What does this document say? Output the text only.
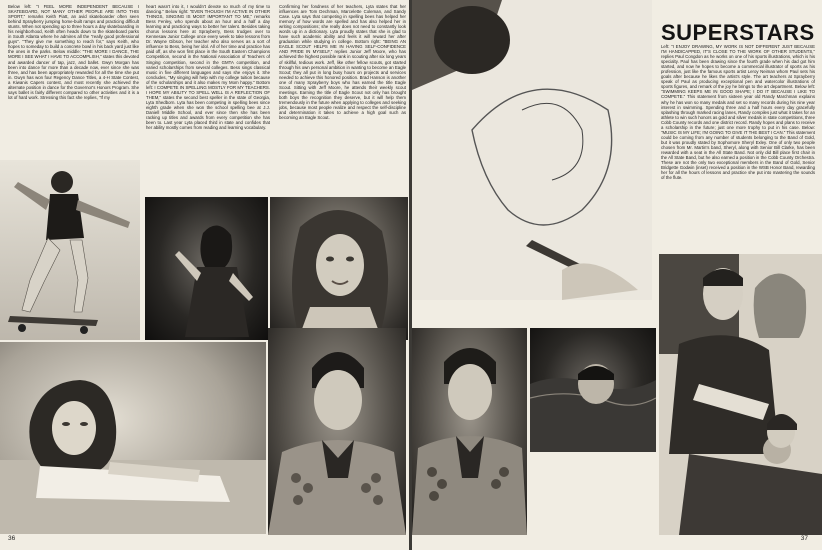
Below left: "I FEEL MORE INDEPENDENT BECAUSE I SKATEBOARD, NOT MANY OTHER PEOPLE ARE INTO THIS SPORT," remarks Keith Piatt, an avid skateboarder often seen behind Sprayberry jumping home-built ramps and practicing difficult stunts. When not spending up to three hours a day skateboarding in his neighborhood, Keith often heads down to the skateboard parks in South Atlanta where he admires all the "really good professional guys". "They give me something to reach for," says Keith, who hopes to someday to build a concrete bowl in his back yard just like the ones in the parks. Below middle: "THE MORE I DANCE, THE MORE I SEE WHAT I HAVE TO ACCOMPLISH," states this devoted and awarded dancer of tap, jazz, and ballet. Gwyn Morgan has been into dance for more than a decade now, ever since she was three, and has been appropriately rewarded for all the time she put in. Gwyn has won four Regency Dance Titles, a 4-H State Contest, a Kiwanis Capers contest, and most recently she achieved the alternate position in dance for the Governor's Honors Program. She says ballet is fairly different compared to other activities and it is a lot of hard work. Stressing this fact she replies, "If my
heart wasn't into it, I wouldn't devote so much of my time to dancing." Below right: "EVEN THOUGH I'M ACTIVE IN OTHER THINGS, SINGING IS MOST IMPORTANT TO ME," remarks Bess Fenley, who spends about an hour and a half a day learning and practicing ways to better her talent. Besides taking chorus lessons here at Sprayberry, Bess trudges over to Kennesaw Junior College once every week to take lessons from Dr. Wayne Gibson, her teacher who also serves as a sort of influence to Bess, being her idol. All of her time and practice has paid off, as she won first place in the South Eastern Champions Competition, second in the National Association of Teachers of Singing competition, second in the GMTA competition, and varied scholarships from several colleges. Bess sings classical music in five different languages and says she enjoys it. She concludes, "My singing will help with my college tuition because of the scholarships and it also makes my Mom happy." Bottom left: I COMPETE IN SPELLING MOSTLY FOR MY TEACHERS. I HOPE MY ABILITY TO SPELL WELL IS A REFLECTION OF THEM," states the second best speller in the state of Georgia, Lyta Shedborn. Lyta has been competing in spelling bees since eighth grade when she won the school spelling bee at J.J. Daniell Middle School, and ever since then she has been racking up titles and awards from every competition she has been to. Last year Lyta placed third in state and confides that her ability mostly comes from reading and learning vocabulary.
Confirming her fondness of her teachers, Lyta states that her influences are Tom Dechman, Marcelette Coleman, and Sandy Case. Lyta says that competing in spelling bees has helped her memory of how words are spelled and has also helped her in writing compositions; she really does not need to constantly look words up in a dictionary. Lyta proudly states that she is glad to have such academic ability and feels it will reward her after graduation while studying in college. Bottom right: "BEING AN EAGLE SCOUT HELPS ME IN HAVING SELF-CONFIDENCE AND PRIDE IN MYSELF," replies Junior Jeff Moore, who has achieved the highest possible rank in scouting after six long years of skillful, tedious work. Jeff, like other fellow scouts, got started through his own personal ambition in wanting to become an Eagle Scout; they all put in long busy hours on projects and services needed to achieve this honored position. Brad Hanson is another one of many Sprayberry boys who has earned the title Eagle Scout. Sitting with Jeff Moore, he attends their weekly scout meetings. Earning the title of Eagle Scout not only has brought both boys the recognition they deserve, but it will help them tremendously in the future when applying to colleges and seeking jobs, because most people realize and respect the self-discipline and determination it takes to achieve a high goal such as becoming an Eagle Scout.
36
SUPERSTARS
Left: "I ENJOY DRAWING, MY WORK IS NOT DIFFERENT JUST BECAUSE I'M HANDICAPPED, IT'S CLOSE TO THE WORK OF OTHER STUDENTS," replies Paul Congdon as he works on one of his sports illustrations, which is his specialty. Paul has been drawing since the fourth grade when his dad got him started, and now he hopes to become a commercial illustrator of sports as his profession, just like the famous sports artist Leroy Neiman whom Paul sets his goals after because he likes the artist's style. The art teachers at Sprayberry speak of Paul as producing exceptional pen and watercolor illustrations of sports figures, and remark of the joy he brings to the art department. Below left: "SWIMMING KEEPS ME IN GOOD SHAPE; I DO IT BECAUSE I LIKE TO COMPETE." This statement from sixteen year old Randy Marchman explains why he has won so many medals and set so many records during his nine year interest in swimming. Spending three and a half hours every day gracefully splashing through marked racing lanes, Randy compiles just what it takes for an athlete to win such honors as gold and silver medals in state competitions, three Cobb County records and one district record. Randy hopes and plans to receive a scholarship in the future; just one more trophy to put in his case. Below: "MUSIC IS MY LIFE; I'M GOING TO GIVE IT THE BEST I CAN." This statement could be coming from any number of students belonging to the Band of Gold, but it was proudly stated by Sophomore Sheryl Exley. One of only two people chosen from Mr. Martin's band, Sheryl, along with Senior Bill Clarke, has been rewarded with a seat in the All State Band. Not only did Bill place first chair in the All State Band, but he also earned a position in the Cobb County Orchestra. These are not the only two exceptional members in the Band of Gold, Senior Bridgette Godwin (inset) received a position in the WSB Honor Band, rewarding her for all the hours of lessons and practice she put into mastering the sounds of the flute.
37
